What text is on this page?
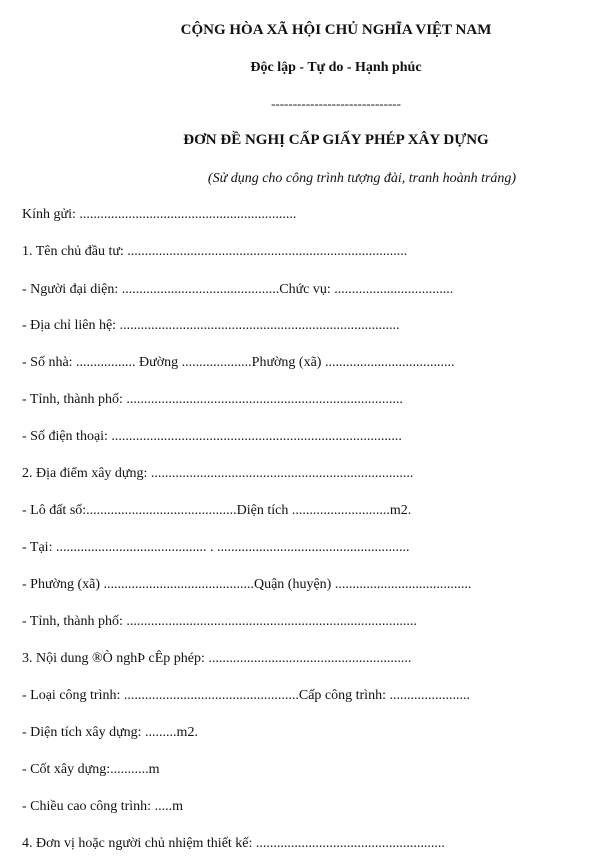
CỘNG HÒA XÃ HỘI CHỦ NGHĨA VIỆT NAM
Độc lập - Tự do - Hạnh phúc
------------------------------
ĐƠN ĐỀ NGHỊ CẤP GIẤY PHÉP XÂY DỰNG
(Sử dụng cho công trình tượng đài, tranh hoành tráng)
Kính gửi: ..............................................................
1. Tên chủ đầu tư: ................................................................................
- Người đại diện: .............................................Chức vụ: ..................................
- Địa chỉ liên hệ: ................................................................................
- Số nhà: ................. Đường ....................Phường (xã) .....................................
- Tỉnh, thành phố: ...............................................................................
- Số điện thoại: ...................................................................................
2. Địa điểm xây dựng: ...........................................................................
- Lô đất số:...........................................Diện tích ............................m2.
- Tại: ........................................... . .......................................................
- Phường (xã) ...........................................Quận (huyện) .......................................
- Tỉnh, thành phố: ...................................................................................
3. Nội dung ®Ò nghÞ cÊp phép: ..........................................................
- Loại công trình: ..................................................Cấp công trình: .......................
- Diện tích xây dựng: .........m2.
- Cốt xây dựng:...........m
- Chiều cao công trình: .....m
4. Đơn vị hoặc người chủ nhiệm thiết kế: ......................................................
